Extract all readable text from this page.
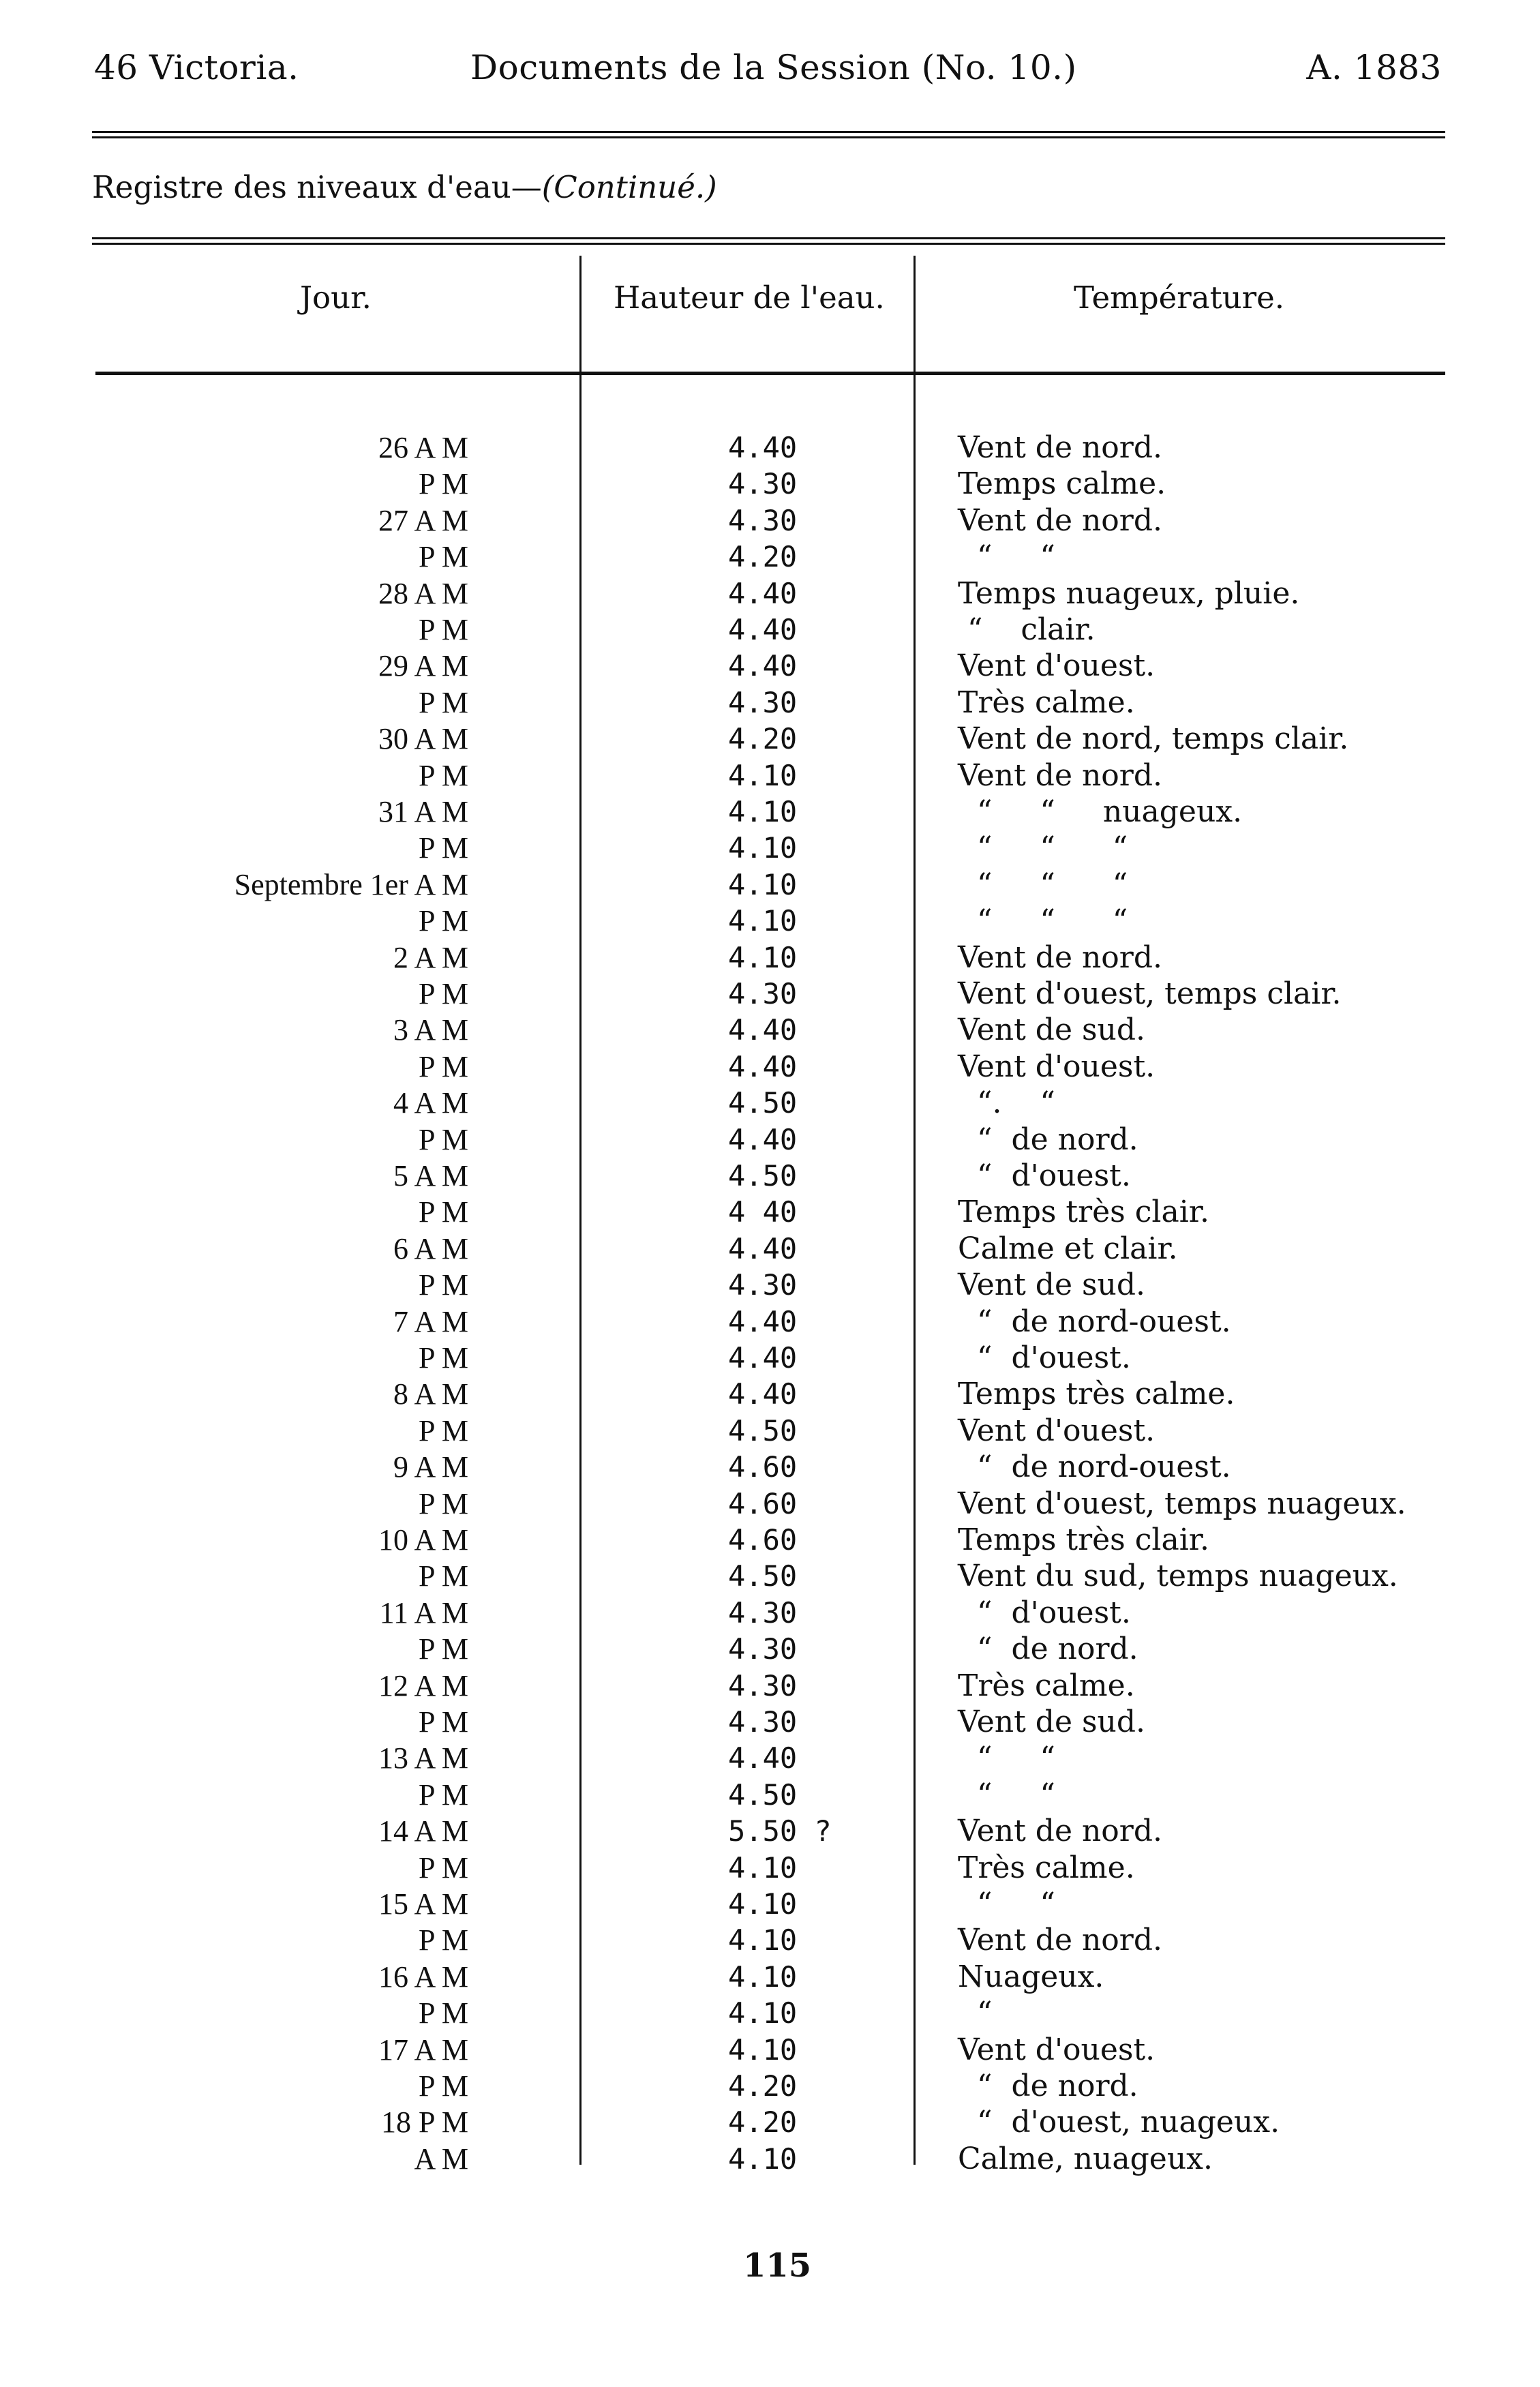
46 Victoria.	Documents de la Session (No. 10.)	A. 1883
Registre des niveaux d'eau—(Continué.)
Jour.	Hauteur de l'eau.	Température.
26 A M	4.40	Vent de nord.
P M	4.30	Temps calme.
27 A M	4.30	Vent de nord.
P M	4.20	“     “
28 A M	4.40	Temps nuageux, pluie.
P M	4.40	“    clair.
29 A M	4.40	Vent d'ouest.
P M	4.30	Très calme.
30 A M	4.20	Vent de nord, temps clair.
P M	4.10	Vent de nord.
31 A M	4.10	“     “     nuageux.
P M	4.10	“     “      “
Septembre 1er A M	4.10	“     “      “
P M	4.10	“     “      “
2 A M	4.10	Vent de nord.
P M	4.30	Vent d'ouest, temps clair.
3 A M	4.40	Vent de sud.
P M	4.40	Vent d'ouest.
4 A M	4.50	“.    “
P M	4.40	“  de nord.
5 A M	4.50	“  d'ouest.
P M	4 40	Temps très clair.
6 A M	4.40	Calme et clair.
P M	4.30	Vent de sud.
7 A M	4.40	“  de nord-ouest.
P M	4.40	“  d'ouest.
8 A M	4.40	Temps très calme.
P M	4.50	Vent d'ouest.
9 A M	4.60	“  de nord-ouest.
P M	4.60	Vent d'ouest, temps nuageux.
10 A M	4.60	Temps très clair.
P M	4.50	Vent du sud, temps nuageux.
11 A M	4.30	“  d'ouest.
P M	4.30	“  de nord.
12 A M	4.30	Très calme.
P M	4.30	Vent de sud.
13 A M	4.40	“     “
P M	4.50	“     “
14 A M	5.50 ?	Vent de nord.
P M	4.10	Très calme.
15 A M	4.10	“     “
P M	4.10	Vent de nord.
16 A M	4.10	Nuageux.
P M	4.10	“
17 A M	4.10	Vent d'ouest.
P M	4.20	“  de nord.
18 P M	4.20	“  d'ouest, nuageux.
A M	4.10	Calme, nuageux.
115
